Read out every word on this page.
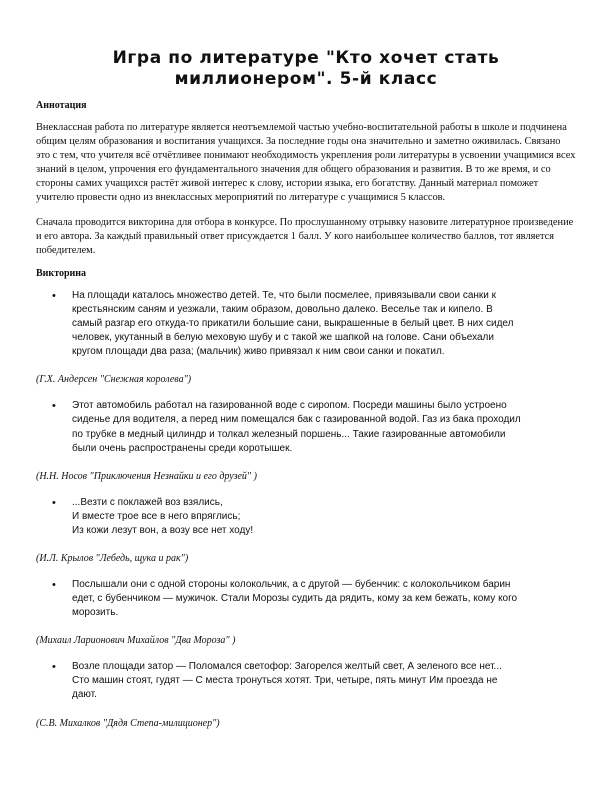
Игра по литературе "Кто хочет стать миллионером". 5-й класс
Аннотация

Внеклассная работа по литературе является неотъемлемой частью учебно-воспитательной работы в школе и подчинена общим целям образования и воспитания учащихся. За последние годы она значительно и заметно оживилась. Связано это с тем, что учителя всё отчётливее понимают необходимость укрепления роли литературы в усвоении учащимися всех знаний в целом, упрочения его фундаментального значения для общего образования и развития. В то же время, и со стороны самих учащихся растёт живой интерес к слову, истории языка, его богатству. Данный материал поможет учителю провести одно из внеклассных мероприятий по литературе с учащимися 5 классов.

Сначала проводится викторина для отбора в конкурсе. По прослушанному отрывку назовите литературное произведение и его автора. За каждый правильный ответ присуждается 1 балл. У кого наибольшее количество баллов, тот является победителем.

Викторина
• На площади каталось множество детей. Те, что были посмелее, привязывали свои санки к
крестьянским саням и уезжали, таким образом, довольно далеко. Веселье так и кипело. В
самый разгар его откуда-то прикатили большие сани, выкрашенные в белый цвет. В них сидел
человек, укутанный в белую меховую шубу и с такой же шапкой на голове. Сани объехали
кругом площади два раза; (мальчик) живо привязал к ним свои санки и покатил.
(Г.Х. Андерсен "Снежная королева")
• Этот автомобиль работал на газированной воде с сиропом. Посреди машины было устроено
сиденье для водителя, а перед ним помещался бак с газированной водой. Газ из бака проходил
по трубке в медный цилиндр и толкал железный поршень... Такие газированные автомобили
были очень распространены среди коротышек.
(Н.Н. Носов "Приключения Незнайки и его друзей" )
• ...Везти с поклажей воз взялись,
И вместе трое все в него впряглись;
Из кожи лезут вон, а возу все нет ходу!
(И.Л. Крылов "Лебедь, щука и рак")
• Послышали они с одной стороны колокольчик, а с другой — бубенчик: с колокольчиком барин
едет, с бубенчиком — мужичок. Стали Морозы судить да рядить, кому за кем бежать, кому кого
морозить.
(Михаил Ларионович Михайлов "Два Мороза" )
• Возле площади затор — Поломался светофор: Загорелся желтый свет, А зеленого все нет...
Сто машин стоят, гудят — С места тронуться хотят. Три, четыре, пять минут Им проезда не
дают.
(С.В. Михалков "Дядя Степа-милиционер")
